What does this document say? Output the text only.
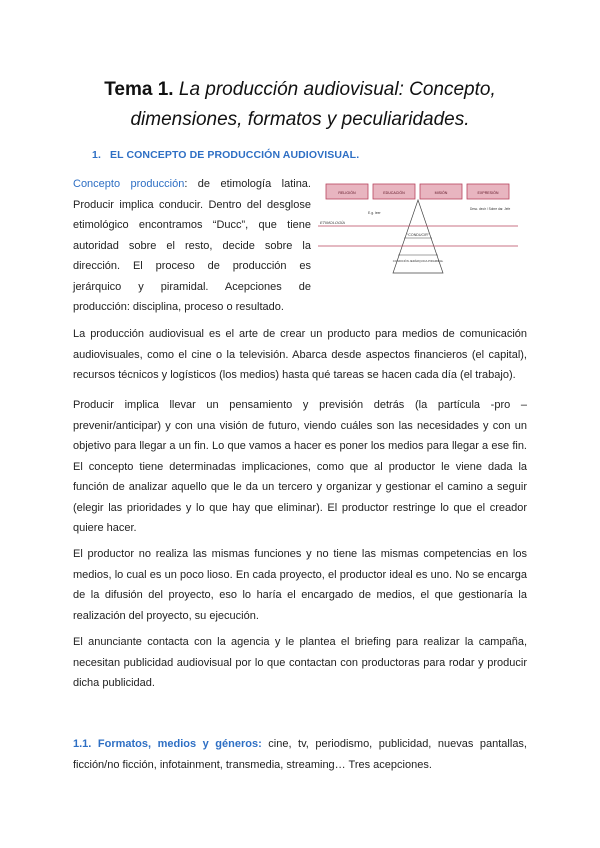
Tema 1. La producción audiovisual: Concepto,
dimensiones, formatos y peculiaridades.
1. EL CONCEPTO DE PRODUCCIÓN AUDIOVISUAL.

Concepto producción: de etimología latina. Producir implica conducir. Dentro del desglose etimológico encontramos “Ducc”, que tiene autoridad sobre el resto, decide sobre la dirección. El proceso de producción es jerárquico y piramidal. Acepciones de producción: disciplina, proceso o resultado.

RELIGIÓN	EDUCACIÓN	MISIÓN	EXPRESIÓN
ETIMOLOGÍA
E.g. leer
Desc. decir / Sobre dar. Jefe
“CONDUCIR”
CONDICIÓN JERÁRQUICA PIRAMIDAL

La producción audiovisual es el arte de crear un producto para medios de comunicación audiovisuales, como el cine o la televisión. Abarca desde aspectos financieros (el capital), recursos técnicos y logísticos (los medios) hasta qué tareas se hacen cada día (el trabajo).

Producir implica llevar un pensamiento y previsión detrás (la partícula -pro – prevenir/anticipar) y con una visión de futuro, viendo cuáles son las necesidades y con un objetivo para llegar a un fin. Lo que vamos a hacer es poner los medios para llegar a ese fin. El concepto tiene determinadas implicaciones, como que al productor le viene dada la función de analizar aquello que le da un tercero y organizar y gestionar el camino a seguir (elegir las prioridades y lo que hay que eliminar). El productor restringe lo que el creador quiere hacer.

El productor no realiza las mismas funciones y no tiene las mismas competencias en los medios, lo cual es un poco lioso. En cada proyecto, el productor ideal es uno. No se encarga de la difusión del proyecto, eso lo haría el encargado de medios, el que gestionaría la realización del proyecto, su ejecución.

El anunciante contacta con la agencia y le plantea el briefing para realizar la campaña, necesitan publicidad audiovisual por lo que contactan con productoras para rodar y producir dicha publicidad.

1.1. Formatos, medios y géneros: cine, tv, periodismo, publicidad, nuevas pantallas, ficción/no ficción, infotainment, transmedia, streaming… Tres acepciones.
